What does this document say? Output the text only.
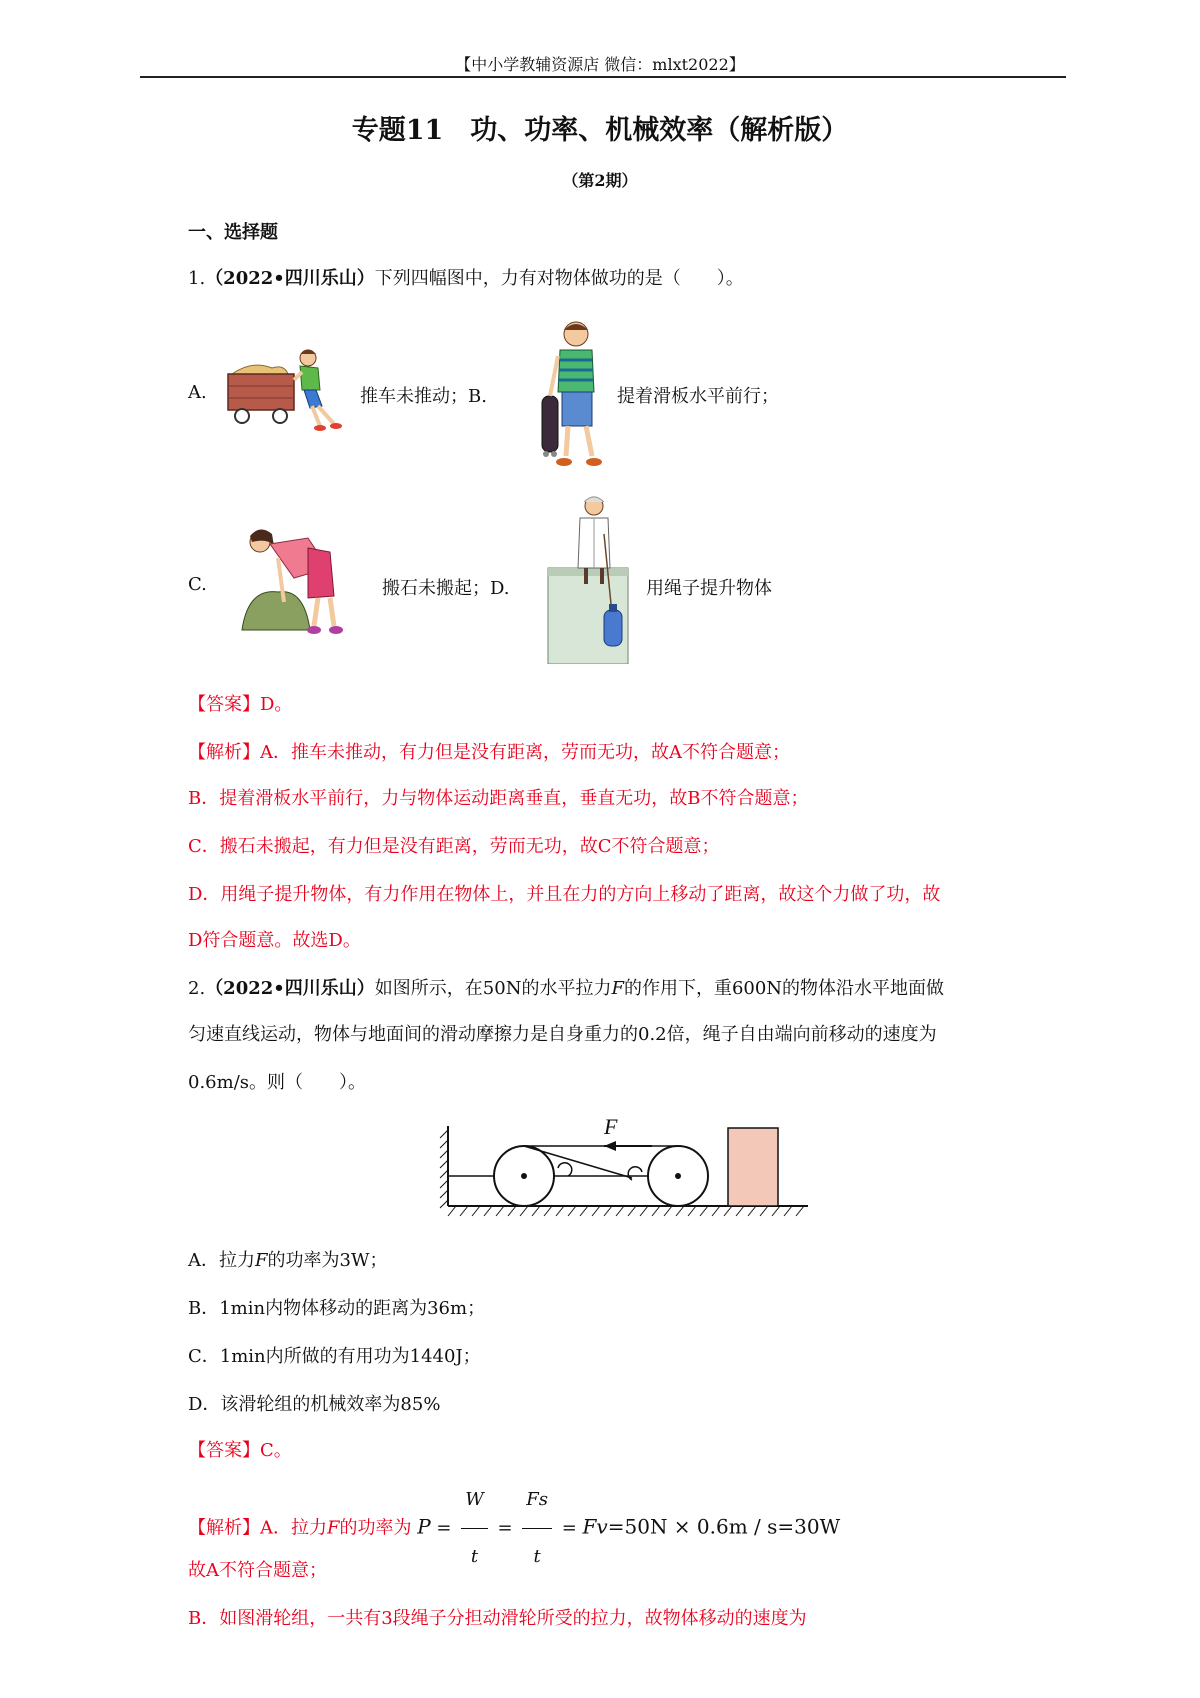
【中小学教辅资源店 微信：mlxt2022】
专题11　功、功率、机械效率（解析版）
（第2期）
一、选择题
1.（2022•四川乐山）下列四幅图中，力有对物体做功的是（　　）。
A.	推车未推动；B.	提着滑板水平前行；
C.	搬石未搬起；D.	用绳子提升物体
【答案】D。
【解析】A．推车未推动，有力但是没有距离，劳而无功，故A不符合题意；
B．提着滑板水平前行，力与物体运动距离垂直，垂直无功，故B不符合题意；
C．搬石未搬起，有力但是没有距离，劳而无功，故C不符合题意；
D．用绳子提升物体，有力作用在物体上，并且在力的方向上移动了距离，故这个力做了功，故
D符合题意。故选D。
2.（2022•四川乐山）如图所示，在50N的水平拉力F的作用下，重600N的物体沿水平地面做
匀速直线运动，物体与地面间的滑动摩擦力是自身重力的0.2倍，绳子自由端向前移动的速度为
0.6m/s。则（　　）。
F
A．拉力F的功率为3W；
B．1min内物体移动的距离为36m；
C．1min内所做的有用功为1440J；
D．该滑轮组的机械效率为85%
【答案】C。
【解析】A．拉力F的功率为 $P = \frac{W}{t} = \frac{Fs}{t} = Fv=50N \times 0.6m / s=30W$
故A不符合题意；
B．如图滑轮组，一共有3段绳子分担动滑轮所受的拉力，故物体移动的速度为
